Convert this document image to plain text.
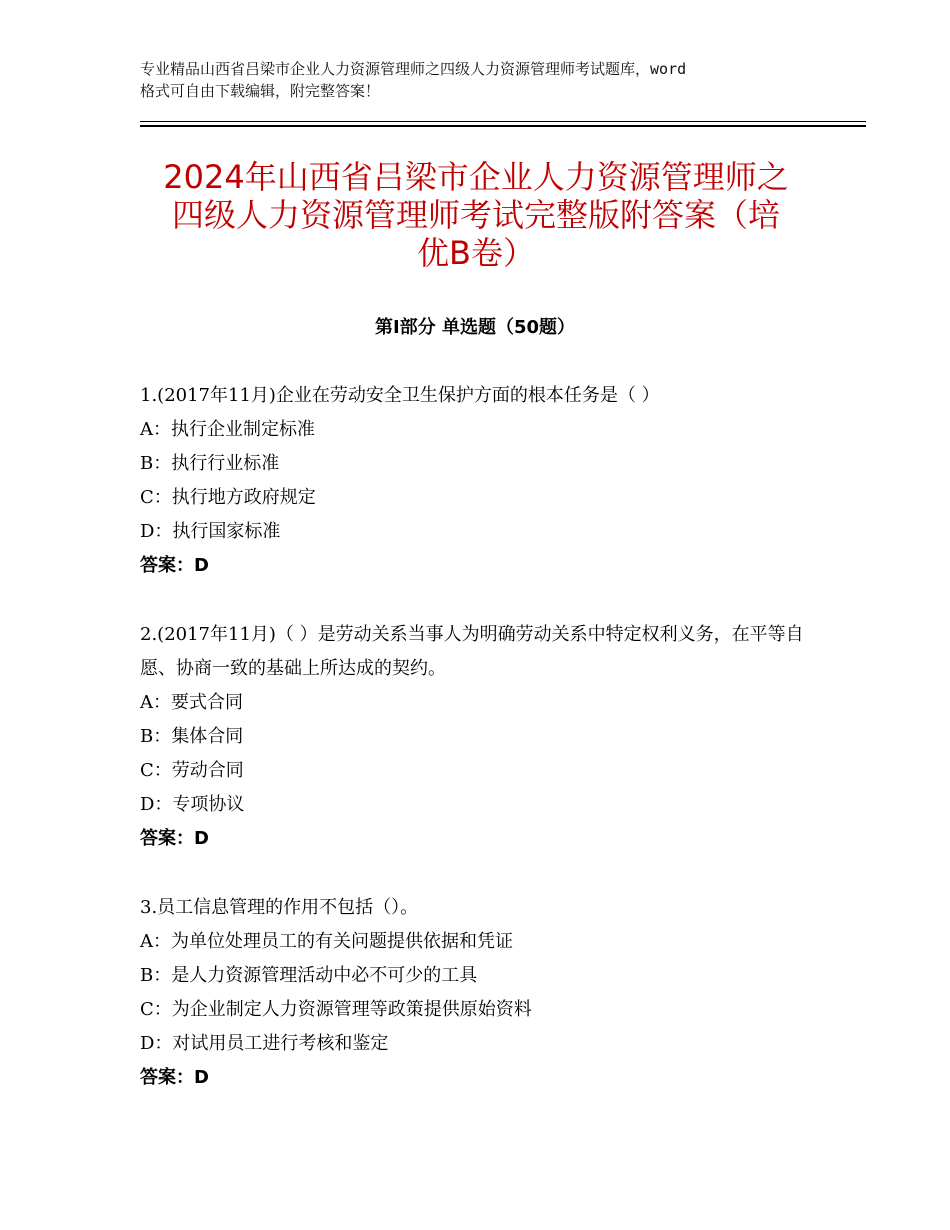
专业精品山西省吕梁市企业人力资源管理师之四级人力资源管理师考试题库，word
格式可自由下载编辑，附完整答案！
2024年山西省吕梁市企业人力资源管理师之
四级人力资源管理师考试完整版附答案（培
优B卷）
第Ⅰ部分 单选题（50题）
1.(2017年11月)企业在劳动安全卫生保护方面的根本任务是（ ）
A：执行企业制定标准
B：执行行业标准
C：执行地方政府规定
D：执行国家标准
答案：D
2.(2017年11月)（ ）是劳动关系当事人为明确劳动关系中特定权利义务，在平等自愿、协商一致的基础上所达成的契约。
A：要式合同
B：集体合同
C：劳动合同
D：专项协议
答案：D
3.员工信息管理的作用不包括（）。
A：为单位处理员工的有关问题提供依据和凭证
B：是人力资源管理活动中必不可少的工具
C：为企业制定人力资源管理等政策提供原始资料
D：对试用员工进行考核和鉴定
答案：D
